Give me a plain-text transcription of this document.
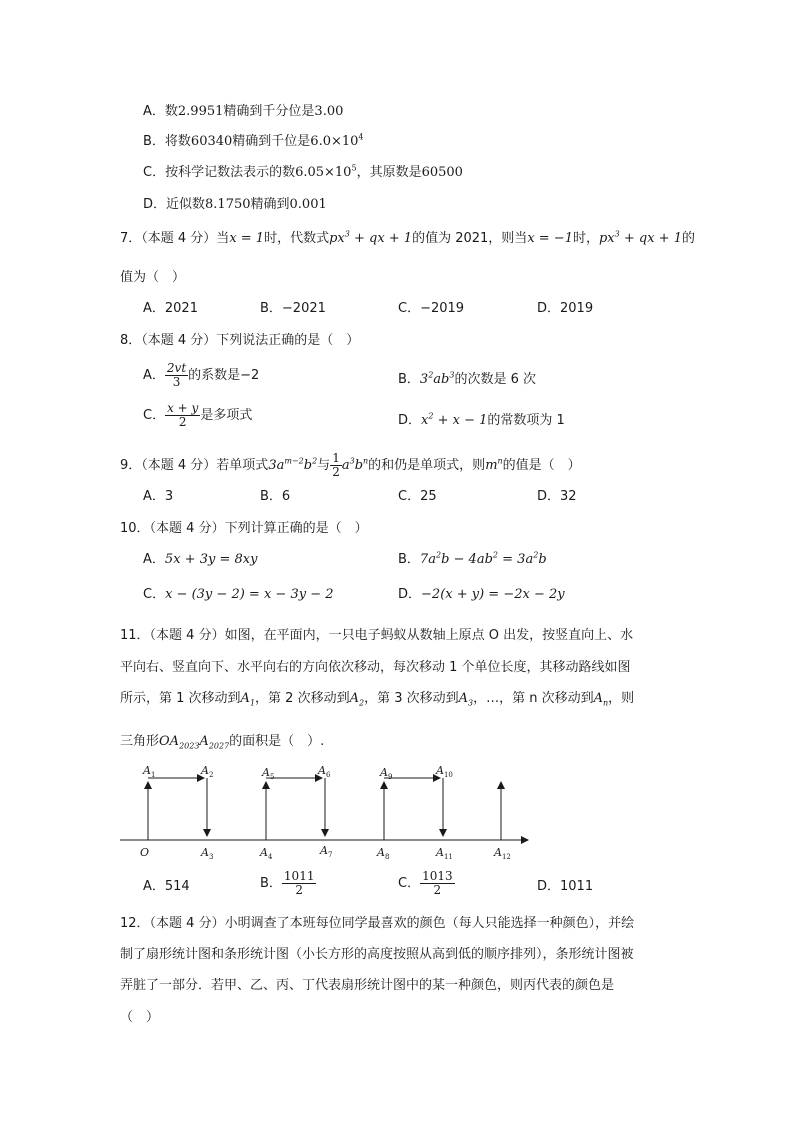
A．数2.9951精确到千分位是3.00
B．将数60340精确到千位是$6.0\times 10^4$
C．按科学记数法表示的数$6.05\times 10^5$，其原数是60500
D．近似数8.1750精确到0.001
7．（本题 4 分）当x = 1时，代数式$px^3$ + qx + 1的值为 2021，则当x = −1时，$px^3$ + qx + 1的
值为（　）
A．2021	B．−2021	C．−2019	D．2019
8．（本题 4 分）下列说法正确的是（　）
A． $\frac{2vt}{3}$ 的系数是−2	B．$3^2ab^3$的次数是 6 次
C． $\frac{x + y}{2}$ 是多项式	D．$x^2 + x - 1$的常数项为 1
9．（本题 4 分）若单项式$3a^{m-2}b^2$与 $\frac{1}{2} a^3b^n$的和仍是单项式，则$m^n$的值是（　）
A．3	B．6	C．25	D．32
10．（本题 4 分）下列计算正确的是（　）
A．5x + 3y = 8xy	B．$7a^2b - 4ab^2 = 3a^2b$
C．x − (3y − 2) = x − 3y − 2	D．−2(x + y) = −2x − 2y
11．（本题 4 分）如图，在平面内，一只电子蚂蚁从数轴上原点 O 出发，按竖直向上、水
平向右、竖直向下、水平向右的方向依次移动，每次移动 1 个单位长度，其移动路线如图
所示，第 1 次移动到$A_1$，第 2 次移动到$A_2$，第 3 次移动到$A_3$，…，第 n 次移动到$A_n$，则
三角形$OA_{2023}A_{2027}$的面积是（　）.
O
$A_1$	$A_2$
$A_3$	$A_4$
$A_5$	$A_6$
$A_7$	$A_8$
$A_9$	$A_{10}$
$A_{11}$	$A_{12}$
A．514	B． $\frac{1011}{2}$	C． $\frac{1013}{2}$	D．1011
12．（本题 4 分）小明调查了本班每位同学最喜欢的颜色（每人只能选择一种颜色），并绘
制了扇形统计图和条形统计图（小长方形的高度按照从高到低的顺序排列），条形统计图被
弄脏了一部分．若甲、乙、丙、丁代表扇形统计图中的某一种颜色，则丙代表的颜色是
（　）
